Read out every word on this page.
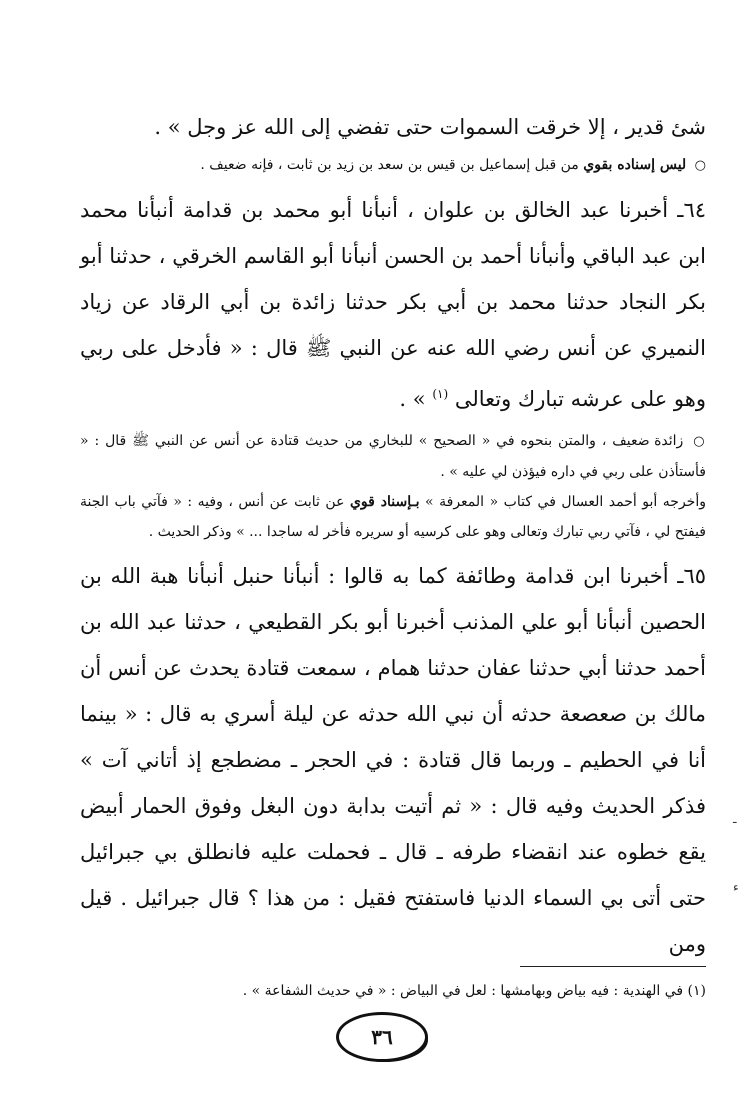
شئ قدير ، إلا خرقت السموات حتى تفضي إلى الله عز وجل » .

○ ليس إسناده بقوي من قبل إسماعيل بن قيس بن سعد بن زيد بن ثابت ، فإنه ضعيف .

٦٤ـ أخبرنا عبد الخالق بن علوان ، أنبأنا أبو محمد بن قدامة أنبأنا محمد ابن عبد الباقي وأنبأنا أحمد بن الحسن أنبأنا أبو القاسم الخرقي ، حدثنا أبو بكر النجاد حدثنا محمد بن أبي بكر حدثنا زائدة بن أبي الرقاد عن زياد النميري عن أنس رضي الله عنه عن النبي ﷺ قال : « فأدخل على ربي وهو على عرشه تبارك وتعالى $^{(١)}$ » .

○ زائدة ضعيف ، والمتن بنحوه في « الصحيح » للبخاري من حديث قتادة عن أنس عن النبي ﷺ قال : « فأستأذن على ربي في داره فيؤذن لي عليه » .

وأخرجه أبو أحمد العسال في كتاب « المعرفة » بـإسناد قوي عن ثابت عن أنس ، وفيه : « فآتي باب الجنة فيفتح لي ، فآتي ربي تبارك وتعالى وهو على كرسيه أو سريره فأخر له ساجدا ... » وذكر الحديث .

٦٥ـ أخبرنا ابن قدامة وطائفة كما به قالوا : أنبأنا حنبل أنبأنا هبة الله بن الحصين أنبأنا أبو علي المذنب أخبرنا أبو بكر القطيعي ، حدثنا عبد الله بن أحمد حدثنا أبي حدثنا عفان حدثنا همام ، سمعت قتادة يحدث عن أنس أن مالك بن صعصعة حدثه أن نبي الله حدثه عن ليلة أسري به قال : « بينما أنا في الحطيم ـ وربما قال قتادة : في الحجر ـ مضطجع إذ أتاني آت » فذكر الحديث وفيه قال : « ثم أتيت بدابة دون البغل وفوق الحمار أبيض يقع خطوه عند انقضاء طرفه ـ قال ـ فحملت عليه فانطلق بي جبرائيل حتى أتى بي السماء الدنيا فاستفتح فقيل : من هذا ؟ قال جبرائيل . قيل ومن

(١) في الهندية : فيه بياض وبهامشها : لعل في البياض : « في حديث الشفاعة » .

٣٦
ـ
ء
